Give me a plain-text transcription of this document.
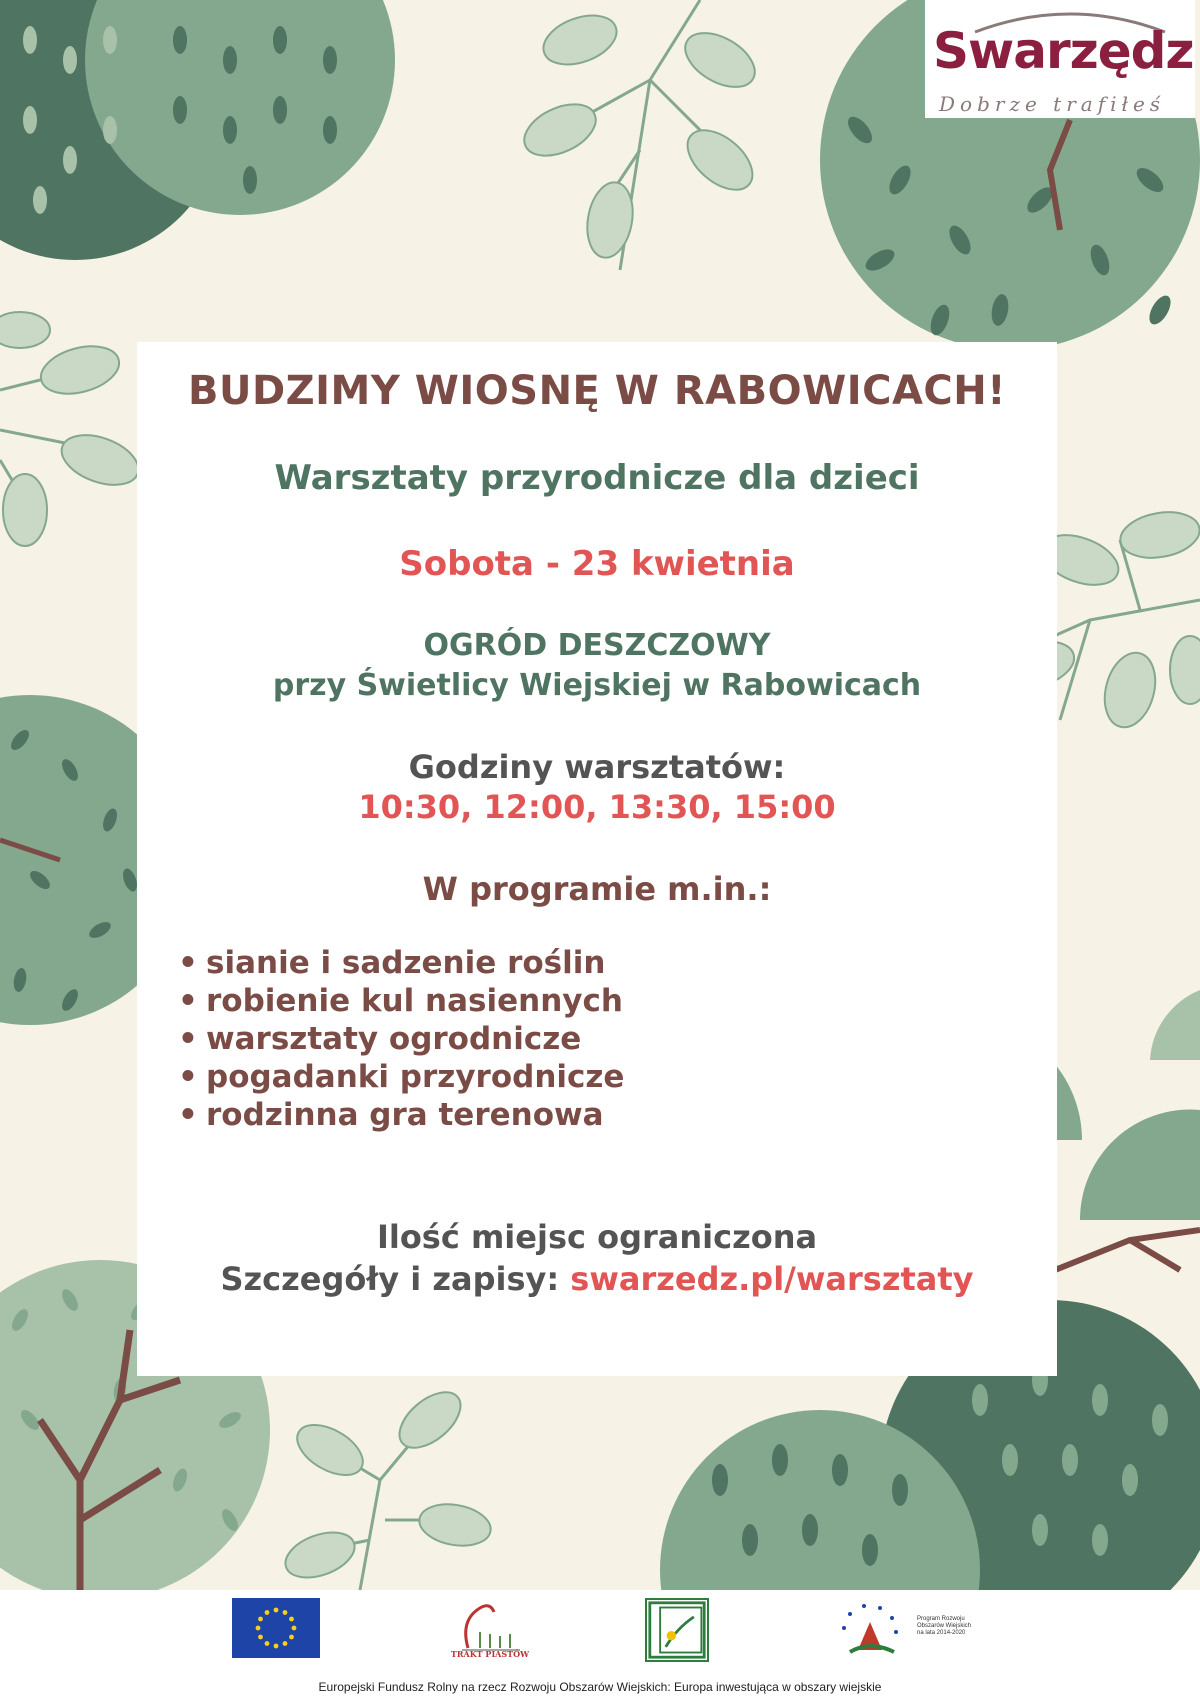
BUDZIMY WIOSNĘ W RABOWICACH!
Warsztaty przyrodnicze dla dzieci
Sobota - 23 kwietnia
OGRÓD DESZCZOWY
przy Świetlicy Wiejskiej w Rabowicach
Godziny warsztatów:
10:30, 12:00, 13:30, 15:00
W programie m.in.:
• sianie i sadzenie roślin
• robienie kul nasiennych
• warsztaty ogrodnicze
• pogadanki przyrodnicze
• rodzinna gra terenowa
Ilość miejsc ograniczona
Szczegóły i zapisy: swarzedz.pl/warsztaty
Swarzędz
Dobrze trafiłeś
TRAKT PIASTÓW
Program Rozwoju Obszarów Wiejskich na lata 2014-2020
Europejski Fundusz Rolny na rzecz Rozwoju Obszarów Wiejskich: Europa inwestująca w obszary wiejskie
